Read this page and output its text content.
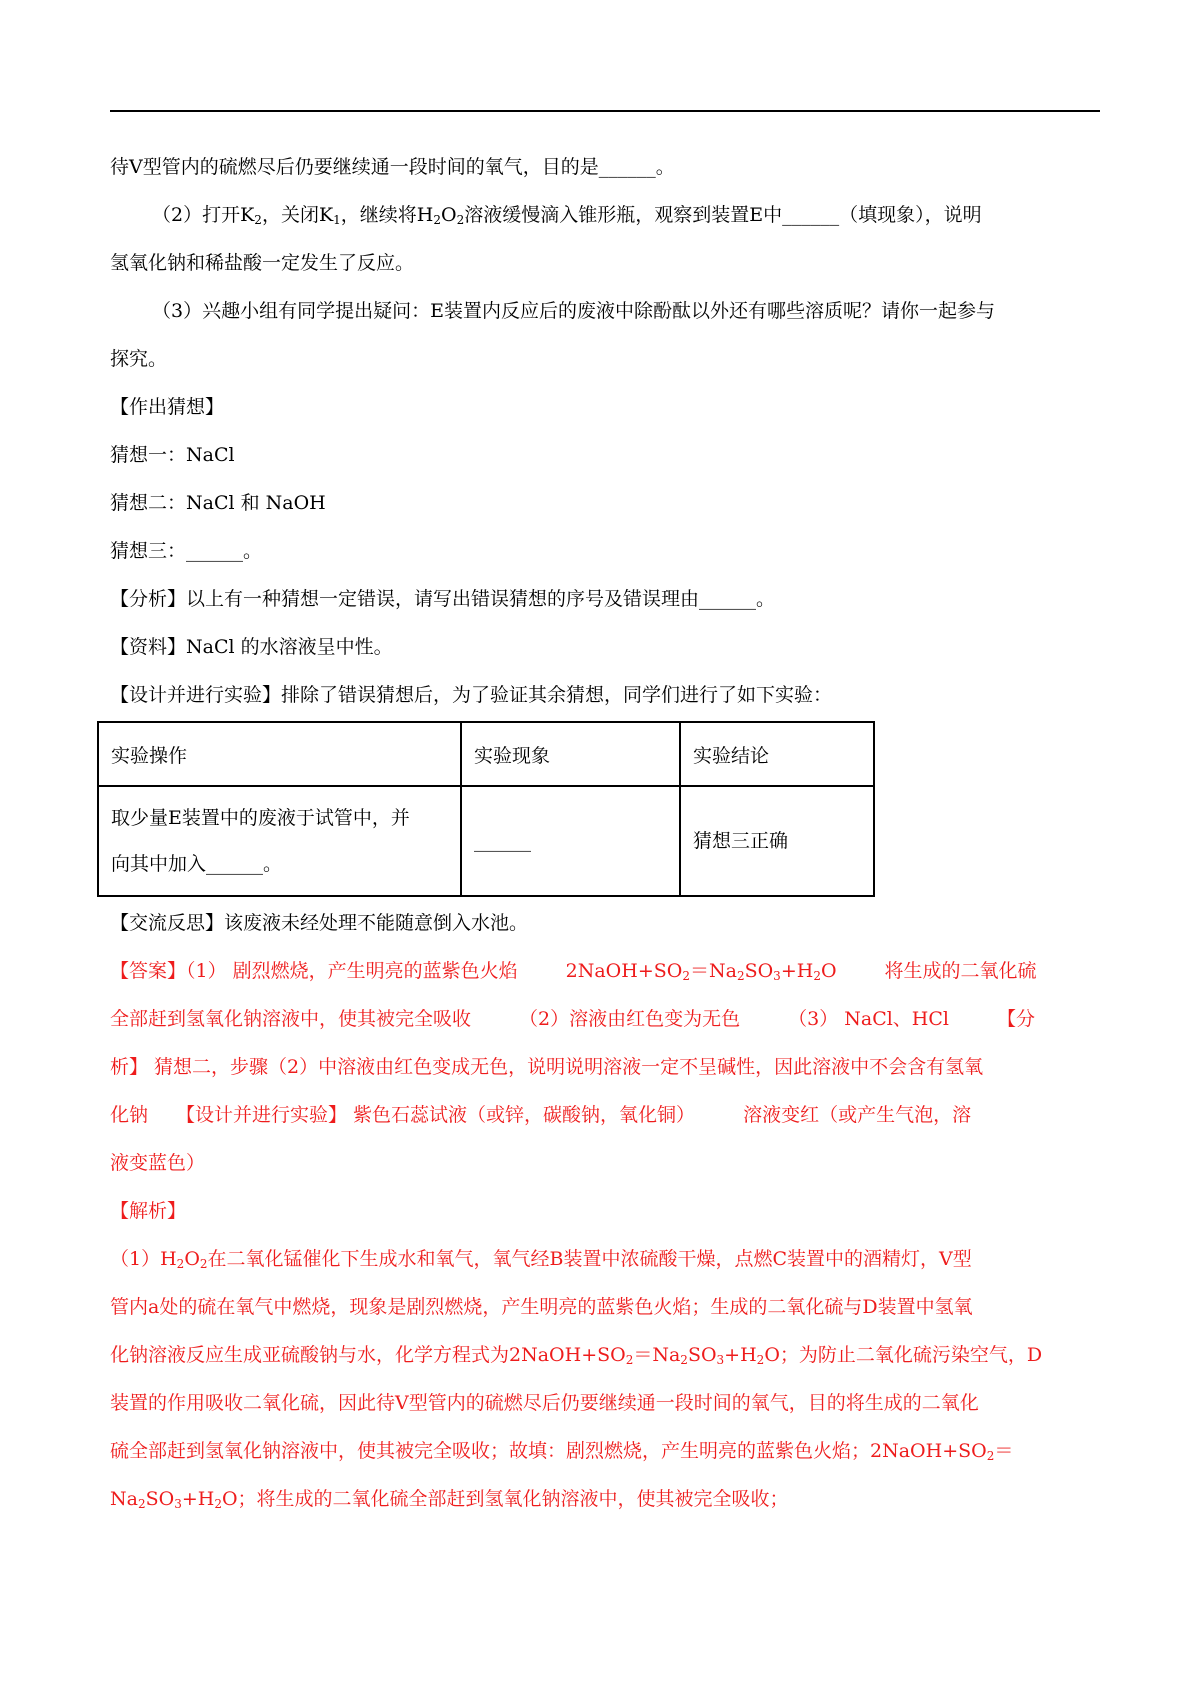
待V型管内的硫燃尽后仍要继续通一段时间的氧气，目的是______。

（2）打开$K_2$，关闭$K_1$，继续将$H_2O_2$溶液缓慢滴入锥形瓶，观察到装置E中______（填现象），说明

氢氧化钠和稀盐酸一定发生了反应。

（3）兴趣小组有同学提出疑问：E装置内反应后的废液中除酚酞以外还有哪些溶质呢？请你一起参与

探究。

【作出猜想】

猜想一：NaCl

猜想二：NaCl 和 NaOH

猜想三：______。

【分析】以上有一种猜想一定错误，请写出错误猜想的序号及错误理由______。

【资料】NaCl 的水溶液呈中性。

【设计并进行实验】排除了错误猜想后，为了验证其余猜想，同学们进行了如下实验：

实验操作	实验现象	实验结论
取少量E装置中的废液于试管中，并
向其中加入______。	______	猜想三正确

【交流反思】该废液未经处理不能随意倒入水池。

【答案】（1） 剧烈燃烧，产生明亮的蓝紫色火焰	$2NaOH+SO_2=Na_2SO_3+H_2O$	将生成的二氧化硫

全部赶到氢氧化钠溶液中，使其被完全吸收	（2）溶液由红色变为无色	（3） NaCl、HCl	【分

析】 猜想二，步骤（2）中溶液由红色变成无色，说明说明溶液一定不呈碱性，因此溶液中不会含有氢氧

化钠 【设计并进行实验】 紫色石蕊试液（或锌，碳酸钠，氧化铜）	溶液变红（或产生气泡，溶

液变蓝色）

【解析】

$(1)H_2O_2$在二氧化锰催化下生成水和氧气，氧气经B装置中浓硫酸干燥，点燃C装置中的酒精灯，V型

管内a处的硫在氧气中燃烧，现象是剧烈燃烧，产生明亮的蓝紫色火焰；生成的二氧化硫与D装置中氢氧

化钠溶液反应生成亚硫酸钠与水，化学方程式为$2NaOH+SO_2=Na_2SO_3+H_2O$；为防止二氧化硫污染空气，D

装置的作用吸收二氧化硫，因此待V型管内的硫燃尽后仍要继续通一段时间的氧气，目的将生成的二氧化

硫全部赶到氢氧化钠溶液中，使其被完全吸收；故填：剧烈燃烧，产生明亮的蓝紫色火焰；$2NaOH+SO_2=$

$Na_2SO_3+H_2O$；将生成的二氧化硫全部赶到氢氧化钠溶液中，使其被完全吸收；
